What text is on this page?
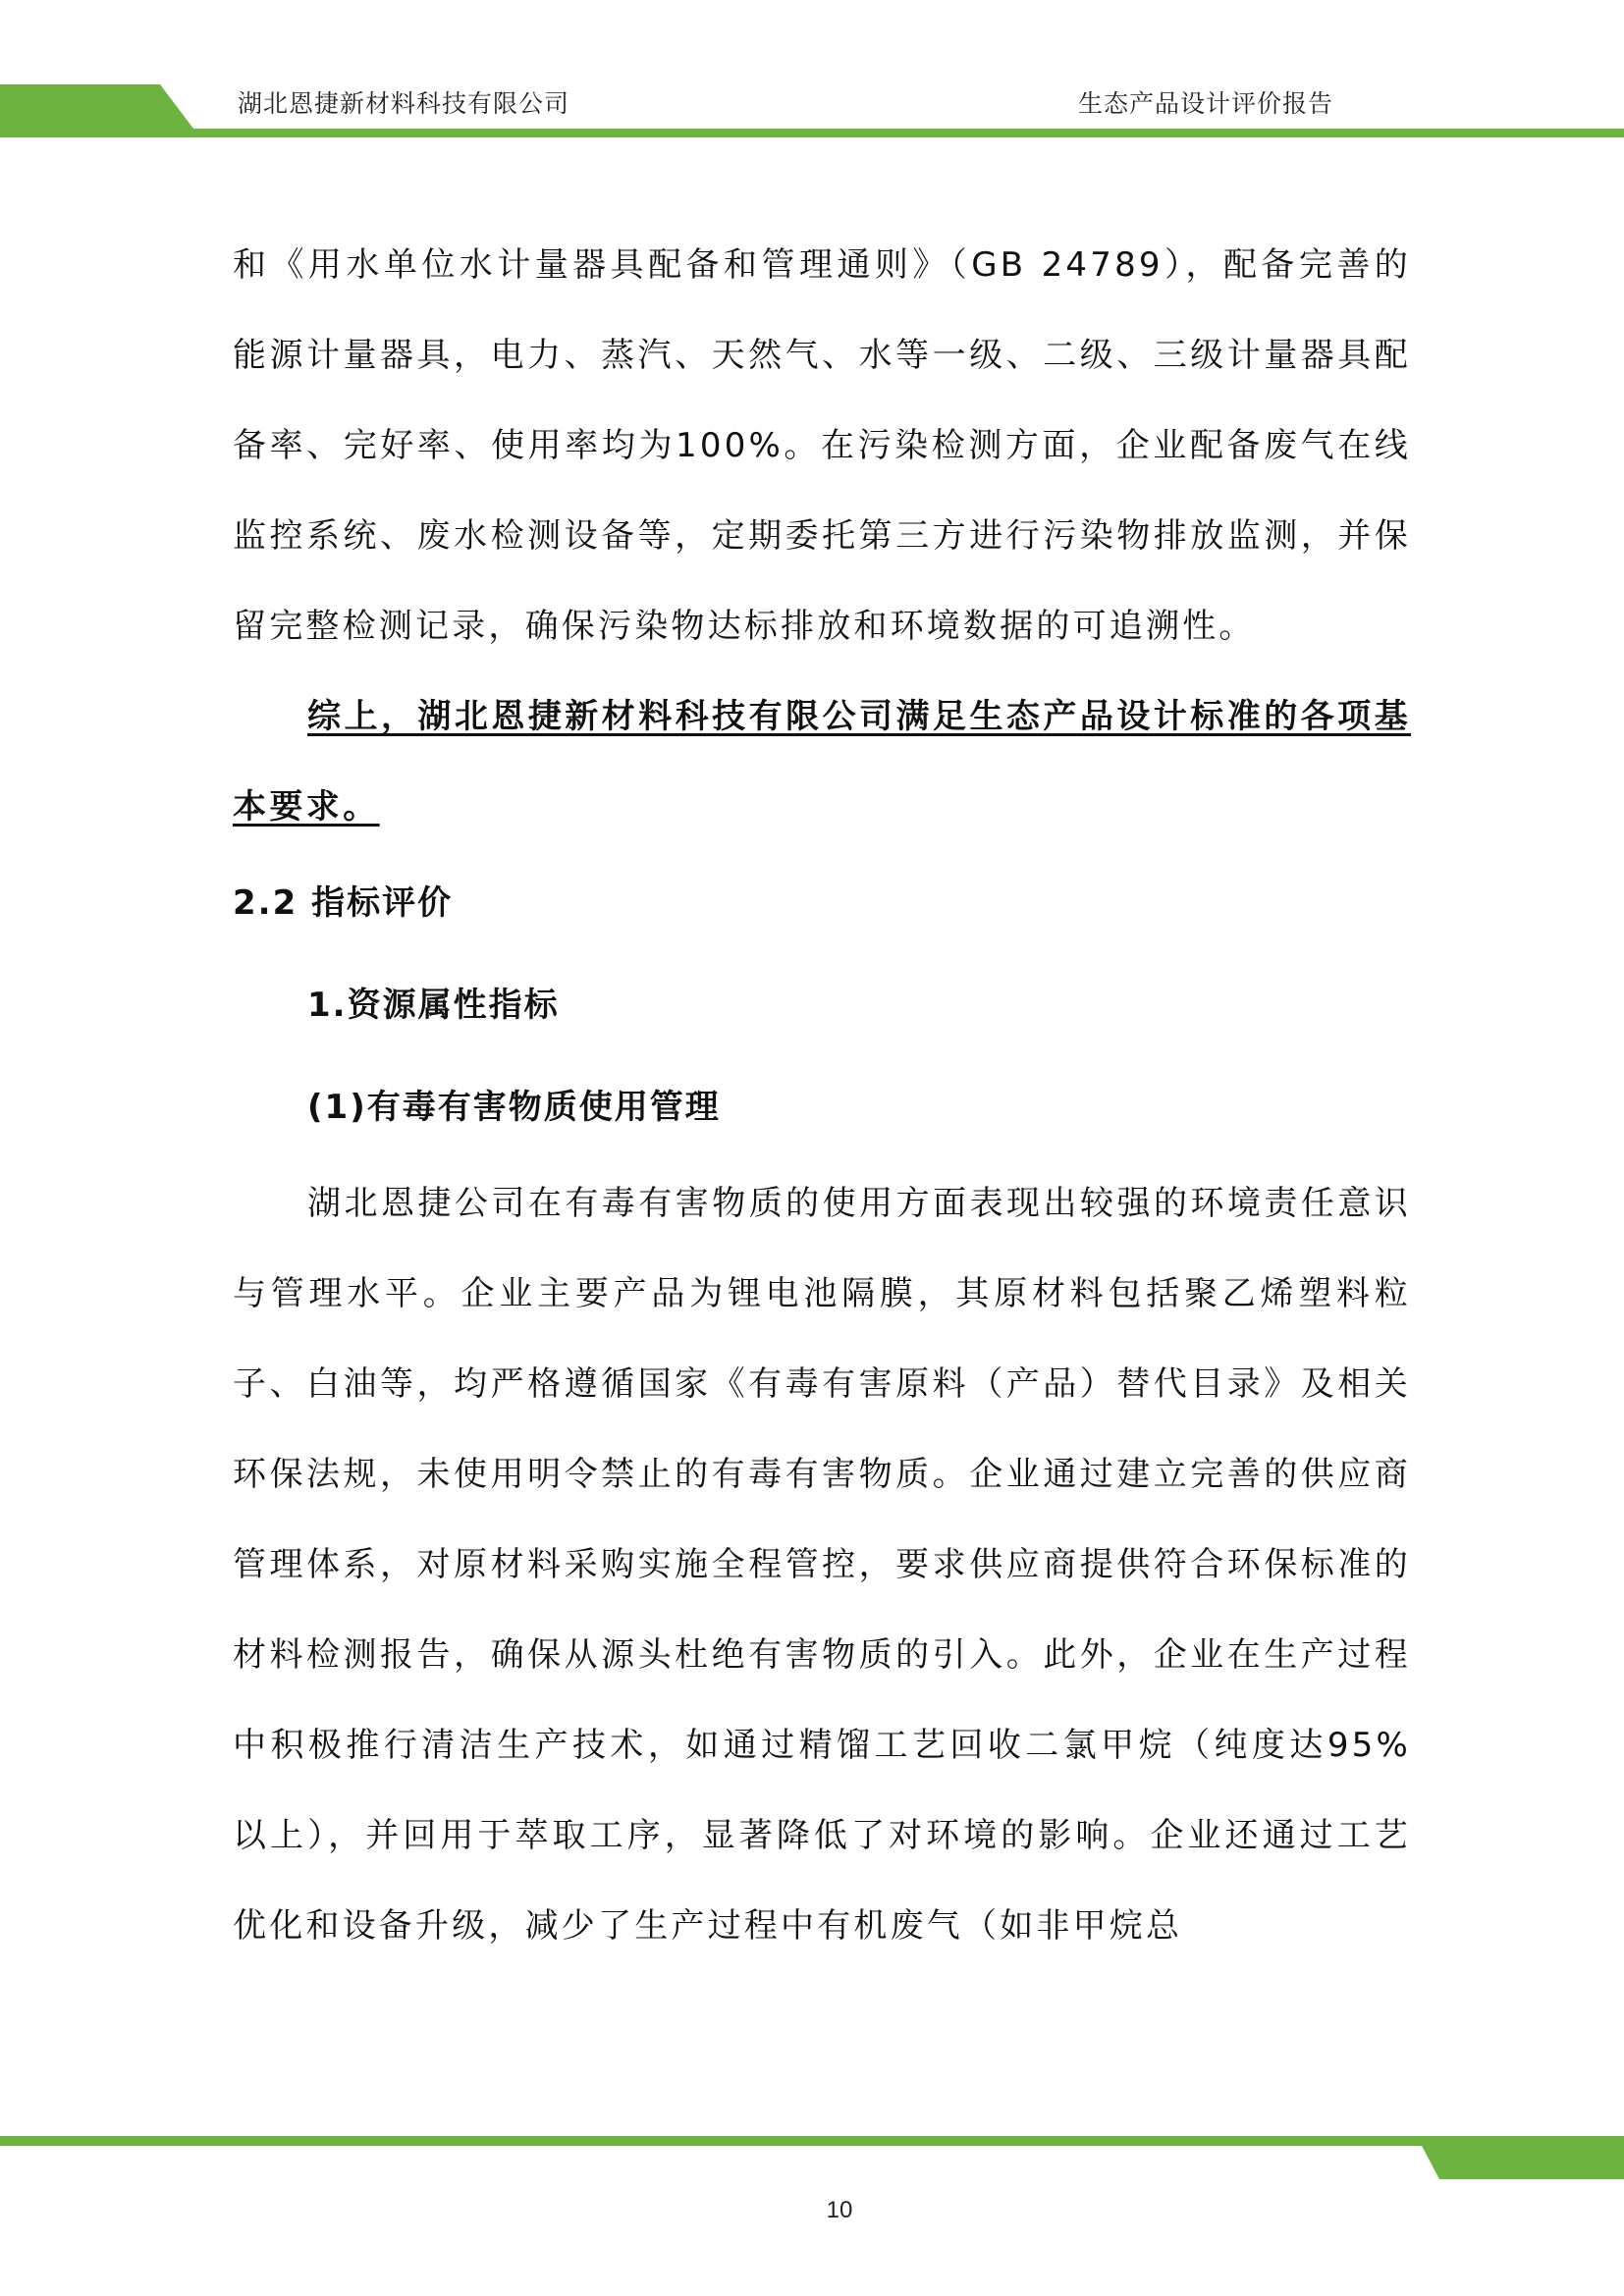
湖北恩捷新材料科技有限公司	生态产品设计评价报告

和《用水单位水计量器具配备和管理通则》（GB 24789），配备完善的能源计量器具，电力、蒸汽、天然气、水等一级、二级、三级计量器具配备率、完好率、使用率均为100%。在污染检测方面，企业配备废气在线监控系统、废水检测设备等，定期委托第三方进行污染物排放监测，并保留完整检测记录，确保污染物达标排放和环境数据的可追溯性。

综上，湖北恩捷新材料科技有限公司满足生态产品设计标准的各项基本要求。

2.2 指标评价

1.资源属性指标

(1)有毒有害物质使用管理

湖北恩捷公司在有毒有害物质的使用方面表现出较强的环境责任意识与管理水平。企业主要产品为锂电池隔膜，其原材料包括聚乙烯塑料粒子、白油等，均严格遵循国家《有毒有害原料（产品）替代目录》及相关环保法规，未使用明令禁止的有毒有害物质。企业通过建立完善的供应商管理体系，对原材料采购实施全程管控，要求供应商提供符合环保标准的材料检测报告，确保从源头杜绝有害物质的引入。此外，企业在生产过程中积极推行清洁生产技术，如通过精馏工艺回收二氯甲烷（纯度达95%以上），并回用于萃取工序，显著降低了对环境的影响。企业还通过工艺优化和设备升级，减少了生产过程中有机废气（如非甲烷总

10
